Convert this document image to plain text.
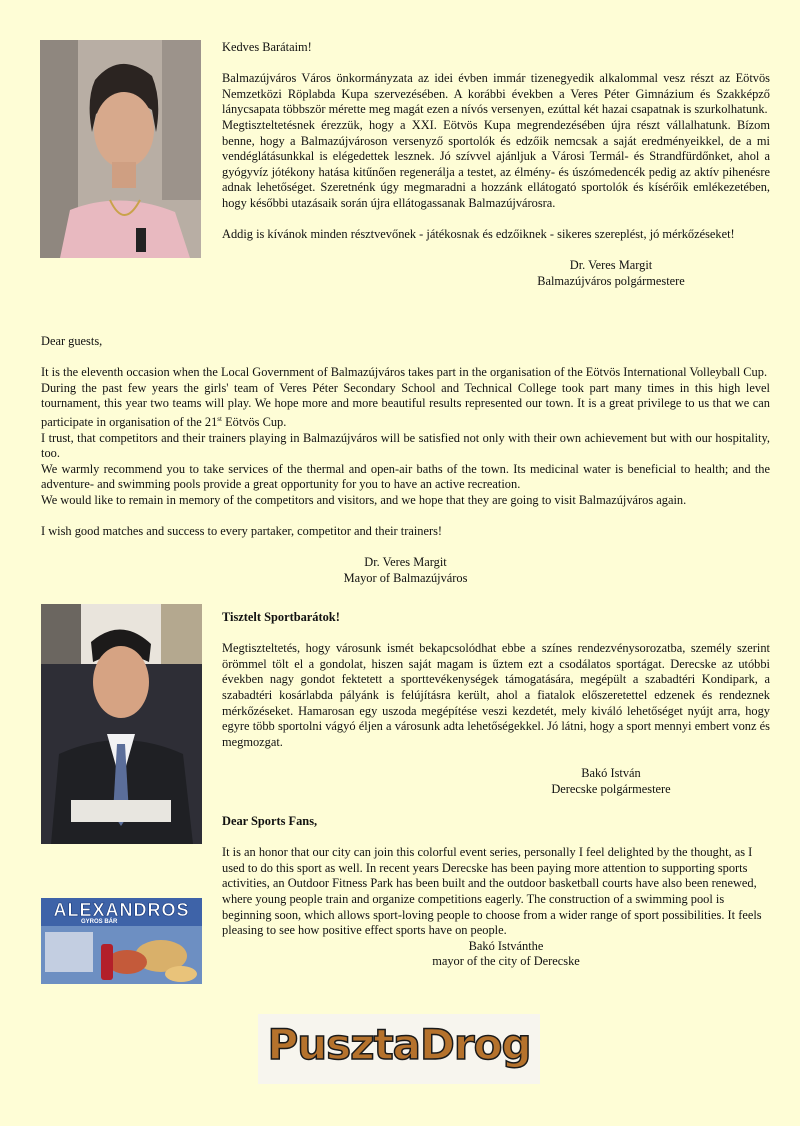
Kedves Barátaim!

Balmazújváros Város önkormányzata az idei évben immár tizenegyedik alkalommal vesz részt az Eötvös Nemzetközi Röplabda Kupa szervezésében. A korábbi években a Veres Péter Gimnázium és Szakképző lánycsapata többször mérette meg magát ezen a nívós versenyen, ezúttal két hazai csapatnak is szurkolhatunk.

Megtiszteltetésnek érezzük, hogy a XXI. Eötvös Kupa megrendezésében újra részt vállalhatunk. Bízom benne, hogy a Balmazújvároson versenyző sportolók és edzőik nemcsak a saját eredményeikkel, de a mi vendéglátásunkkal is elégedettek lesznek. Jó szívvel ajánljuk a Városi Termál- és Strandfürdőnket, ahol a gyógyvíz jótékony hatása kitűnően regenerálja a testet, az élmény- és úszómedencék pedig az aktív pihenésre adnak lehetőséget. Szeretnénk úgy megmaradni a hozzánk ellátogató sportolók és kísérőik emlékezetében, hogy későbbi utazásaik során újra ellátogassanak Balmazújvárosra.

Addig is kívánok minden résztvevőnek - játékosnak és edzőiknek - sikeres szereplést, jó mérkőzéseket!

Dr. Veres Margit

Balmazújváros polgármestere

Dear guests,

It is the eleventh occasion when the Local Government of Balmazújváros takes part in the organisation of the Eötvös International Volleyball Cup.

During the past few years the girls' team of Veres Péter Secondary School and Technical College took part many times in this high level tournament, this year two teams will play. We hope more and more beautiful results represented our town. It is a great privilege to us that we can participate in organisation of the 21st Eötvös Cup.

I trust, that competitors and their trainers playing in Balmazújváros will be satisfied not only with their own achievement but with our hospitality, too.

We warmly recommend you to take services of the thermal and open-air baths of the town. Its medicinal water is beneficial to health; and the adventure- and swimming pools provide a great opportunity for you to have an active recreation.

We would like to remain in memory of the competitors and visitors, and we hope that they are going to visit Balmazújváros again.

I wish good matches and success to every partaker, competitor and their trainers!

Dr. Veres Margit

Mayor of Balmazújváros

Tisztelt Sportbarátok!

Megtiszteltetés, hogy városunk ismét bekapcsolódhat ebbe a színes rendezvénysorozatba, személy szerint örömmel tölt el a gondolat, hiszen saját magam is űztem ezt a csodálatos sportágat. Derecske az utóbbi években nagy gondot fektetett a sporttevékenységek támogatására, megépült a szabadtéri Kondipark, a szabadtéri kosárlabda pályánk is felújításra került, ahol a fiatalok előszeretettel edzenek és rendeznek mérkőzéseket. Hamarosan egy uszoda megépítése veszi kezdetét, mely kiváló lehetőséget nyújt arra, hogy egyre több sportolni vágyó éljen a városunk adta lehetőségekkel. Jó látni, hogy a sport mennyi embert vonz és megmozgat.

Bakó István

Derecske polgármestere

Dear Sports Fans,

It is an honor that our city can join this colorful event series, personally I feel delighted by the thought, as I used to do this sport as well. In recent years Derecske has been paying more attention to supporting sports activities, an Outdoor Fitness Park has been built and the outdoor basketball courts have also been renewed, where young people train and organize competitions eagerly. The construction of a swimming pool is beginning soon, which allows sport-loving people to choose from a wider range of sport possibilities. It feels pleasing to see how positive effect sports have on people.

Bakó Istvánthe

mayor of the city of Derecske

ALEXANDROS
GYROS BÁR
PusztaDrog
